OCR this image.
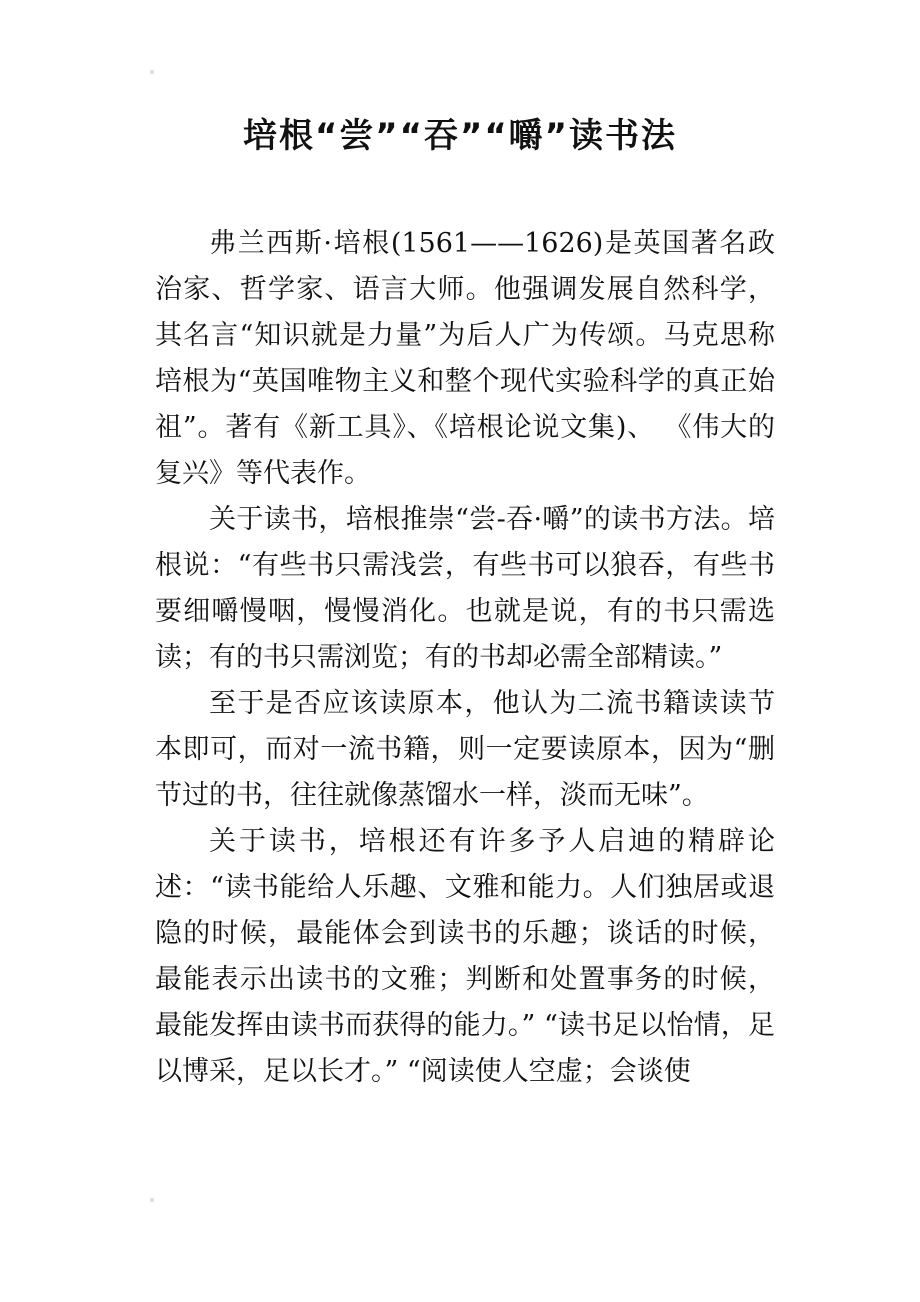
培根“尝”“吞”“嚼”读书法

弗兰西斯·培根(1561——1626)是英国著名政治家、哲学家、语言大师。他强调发展自然科学，其名言“知识就是力量”为后人广为传颂。马克思称培根为“英国唯物主义和整个现代实验科学的真正始祖”。著有《新工具》、《培根论说文集)、 《伟大的复兴》等代表作。

关于读书，培根推崇“尝-吞·嚼”的读书方法。培根说：“有些书只需浅尝，有些书可以狼吞，有些书要细嚼慢咽，慢慢消化。也就是说，有的书只需选读；有的书只需浏览；有的书却必需全部精读。”

至于是否应该读原本，他认为二流书籍读读节本即可，而对一流书籍，则一定要读原本，因为“删节过的书，往往就像蒸馏水一样，淡而无味”。

关于读书，培根还有许多予人启迪的精辟论述：“读书能给人乐趣、文雅和能力。人们独居或退隐的时候，最能体会到读书的乐趣；谈话的时候，最能表示出读书的文雅；判断和处置事务的时候，最能发挥由读书而获得的能力。” “读书足以怡情，足以博采，足以长才。” “阅读使人空虚；会谈使
